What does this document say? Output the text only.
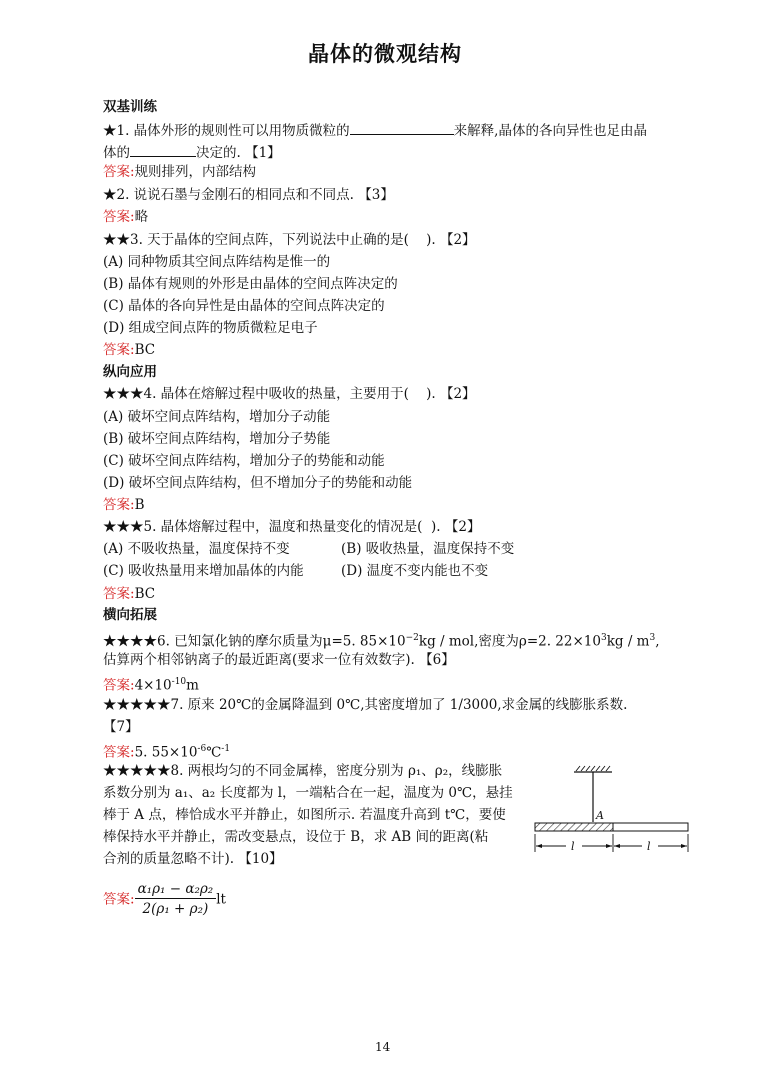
晶体的微观结构
双基训练
★1. 晶体外形的规则性可以用物质微粒的	来解释,晶体的各向异性也足由晶
体的	决定的. 【1】
答案:规则排列，内部结构
★2. 说说石墨与金刚石的相同点和不同点. 【3】
答案:略
★★3. 天于晶体的空间点阵，下列说法中止确的是(    ). 【2】
(A) 同种物质其空间点阵结构是惟一的
(B) 晶体有规则的外形是由晶体的空间点阵决定的
(C) 晶体的各向异性是由晶体的空间点阵决定的
(D) 组成空间点阵的物质微粒足电子
答案:BC
纵向应用
★★★4. 晶体在熔解过程中吸收的热量，主要用于(    ). 【2】
(A) 破坏空间点阵结构，增加分子动能
(B) 破坏空间点阵结构，增加分子势能
(C) 破坏空间点阵结构，增加分子的势能和动能
(D) 破坏空间点阵结构，但不增加分子的势能和动能
答案:B
★★★5. 晶体熔解过程中，温度和热量变化的情况是(  ). 【2】
(A) 不吸收热量，温度保持不变	(B) 吸收热量，温度保持不变
(C) 吸收热量用来增加晶体的内能	(D) 温度不变内能也不变
答案:BC
横向拓展
★★★★6. 已知氯化钠的摩尔质量为μ=5. $85\times 10^{-2}kg$ / mol,密度为ρ=2. $22\times 10^3kg / m^3$,
估算两个相邻钠离子的最近距离(要求一位有效数字). 【6】
答案$:4\times 10^{-10}m$
★★★★★7. 原来 20℃的金属降温到 0℃,其密度增加了 1/3000,求金属的线膨胀系数.
【7】
答案:5. $55\times 10^{-6}℃^{-1}$
★★★★★8. 两根均匀的不同金属棒，密度分别为 ρ₁、ρ₂，线膨胀
系数分别为 a₁、a₂ 长度都为 l，一端粘合在一起，温度为 0℃，悬挂
棒于 A 点，棒恰成水平并静止，如图所示. 若温度升高到 t℃，要使
棒保持水平并静止，需改变悬点，设位于 B，求 AB 间的距离(粘
合剂的质量忽略不计). 【10】
A
l	l
答案: $\frac{\text{α₁ρ₁ − α₂ρ₂}}{\text{2(ρ₁ + ρ₂)}}$ lt
14
